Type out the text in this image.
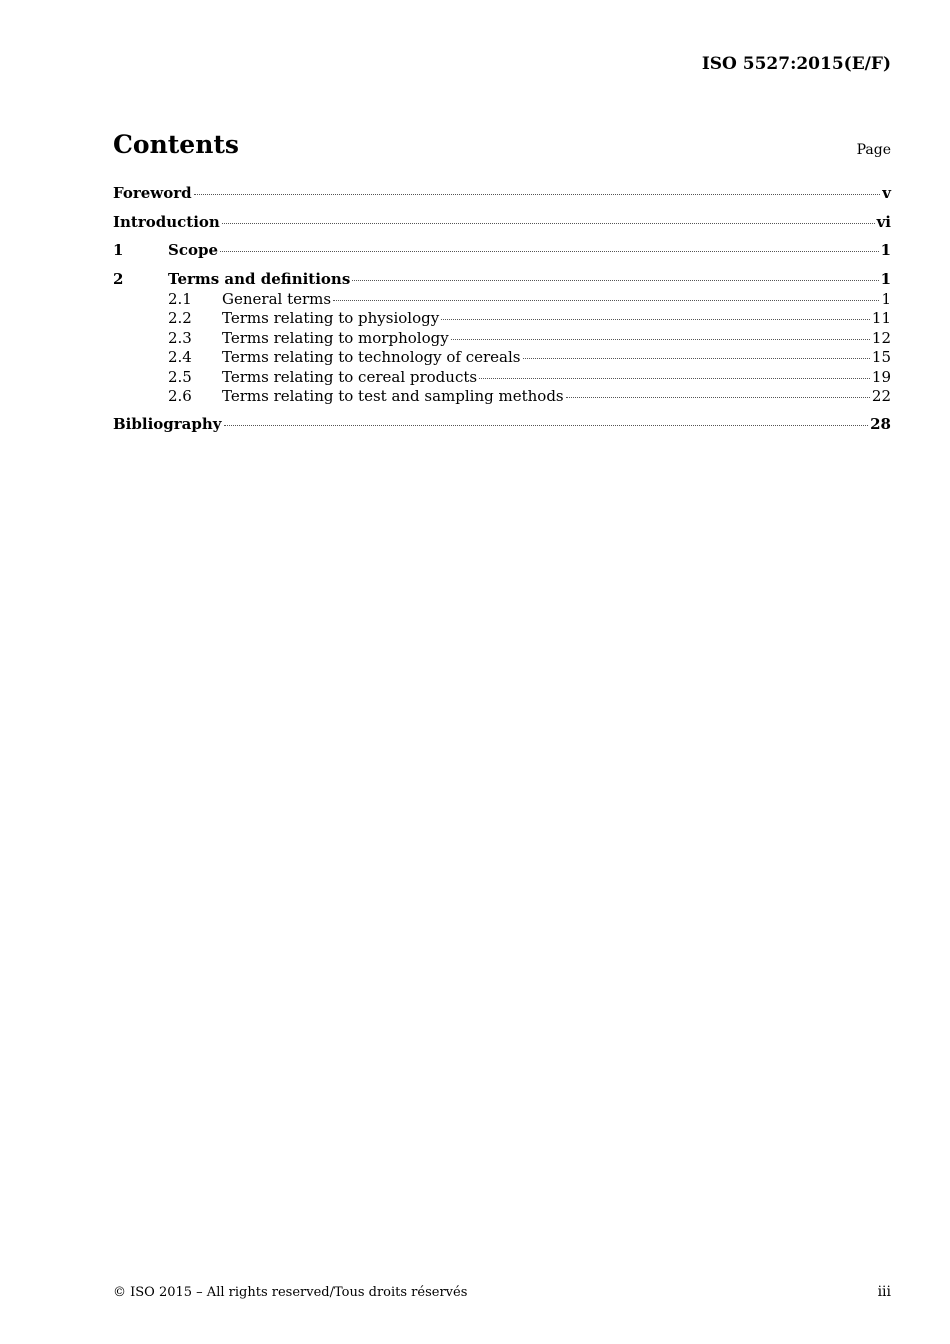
ISO 5527:2015(E/F)
Contents	Page
Foreword	v
Introduction	vi
1	Scope	1
2	Terms and definitions	1
2.1	General terms	1
2.2	Terms relating to physiology	11
2.3	Terms relating to morphology	12
2.4	Terms relating to technology of cereals	15
2.5	Terms relating to cereal products	19
2.6	Terms relating to test and sampling methods	22
Bibliography	28
© ISO 2015 – All rights reserved/Tous droits réservés	iii
